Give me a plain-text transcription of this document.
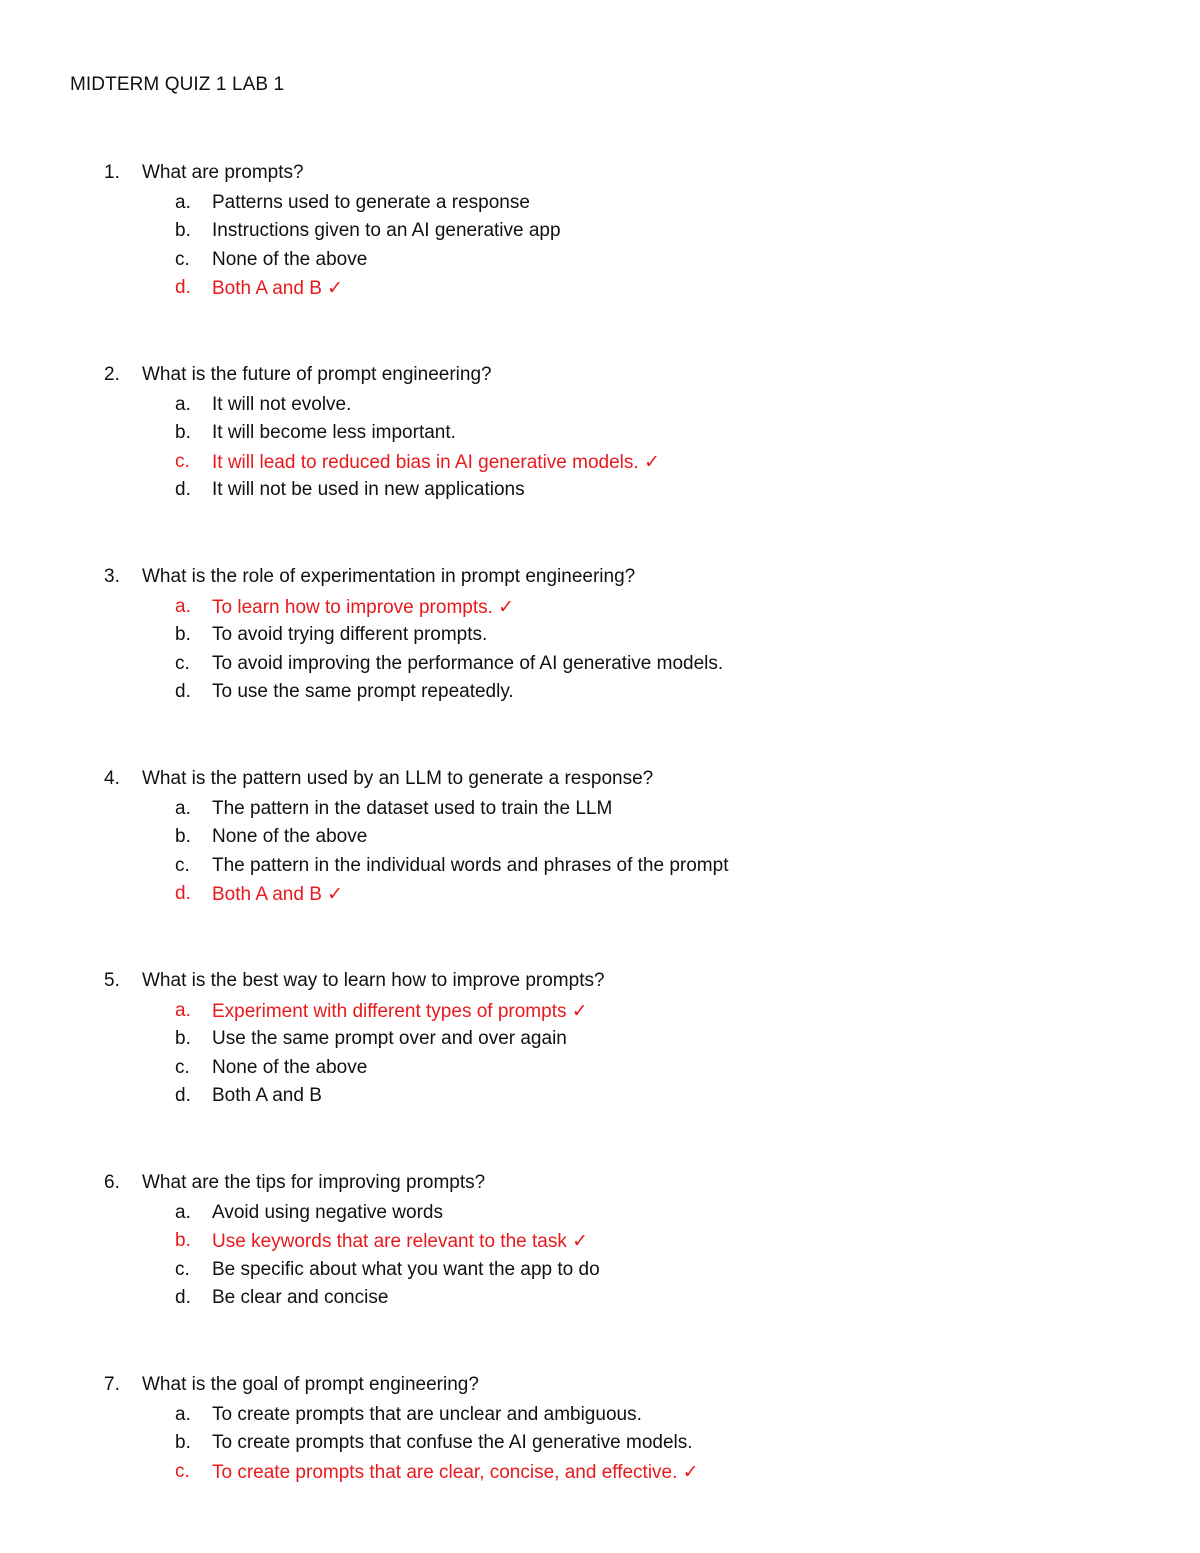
MIDTERM QUIZ 1 LAB 1
1. What are prompts?
a. Patterns used to generate a response
b. Instructions given to an AI generative app
c. None of the above
d. Both A and B ✓
2. What is the future of prompt engineering?
a. It will not evolve.
b. It will become less important.
c. It will lead to reduced bias in AI generative models. ✓
d. It will not be used in new applications
3. What is the role of experimentation in prompt engineering?
a. To learn how to improve prompts. ✓
b. To avoid trying different prompts.
c. To avoid improving the performance of AI generative models.
d. To use the same prompt repeatedly.
4. What is the pattern used by an LLM to generate a response?
a. The pattern in the dataset used to train the LLM
b. None of the above
c. The pattern in the individual words and phrases of the prompt
d. Both A and B ✓
5. What is the best way to learn how to improve prompts?
a. Experiment with different types of prompts ✓
b. Use the same prompt over and over again
c. None of the above
d. Both A and B
6. What are the tips for improving prompts?
a. Avoid using negative words
b. Use keywords that are relevant to the task ✓
c. Be specific about what you want the app to do
d. Be clear and concise
7. What is the goal of prompt engineering?
a. To create prompts that are unclear and ambiguous.
b. To create prompts that confuse the AI generative models.
c. To create prompts that are clear, concise, and effective. ✓
